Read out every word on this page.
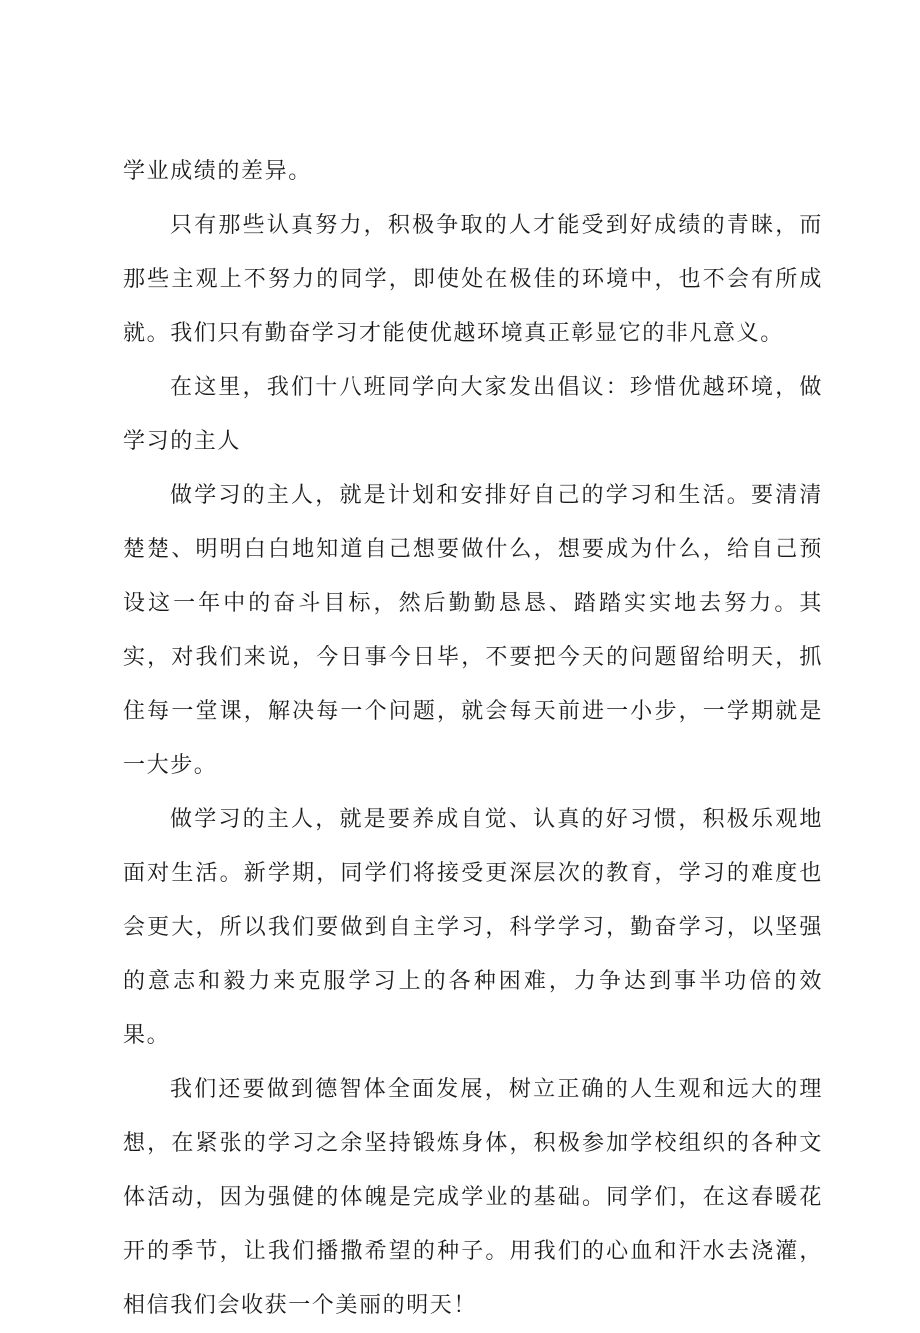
学业成绩的差异。

只有那些认真努力，积极争取的人才能受到好成绩的青睐，而那些主观上不努力的同学，即使处在极佳的环境中，也不会有所成就。我们只有勤奋学习才能使优越环境真正彰显它的非凡意义。

在这里，我们十八班同学向大家发出倡议：珍惜优越环境，做学习的主人

做学习的主人，就是计划和安排好自己的学习和生活。要清清楚楚、明明白白地知道自己想要做什么，想要成为什么，给自己预设这一年中的奋斗目标，然后勤勤恳恳、踏踏实实地去努力。其实，对我们来说，今日事今日毕，不要把今天的问题留给明天，抓住每一堂课，解决每一个问题，就会每天前进一小步，一学期就是一大步。

做学习的主人，就是要养成自觉、认真的好习惯，积极乐观地面对生活。新学期，同学们将接受更深层次的教育，学习的难度也会更大，所以我们要做到自主学习，科学学习，勤奋学习，以坚强的意志和毅力来克服学习上的各种困难，力争达到事半功倍的效果。

我们还要做到德智体全面发展，树立正确的人生观和远大的理想，在紧张的学习之余坚持锻炼身体，积极参加学校组织的各种文体活动，因为强健的体魄是完成学业的基础。同学们，在这春暖花开的季节，让我们播撒希望的种子。用我们的心血和汗水去浇灌，相信我们会收获一个美丽的明天！
